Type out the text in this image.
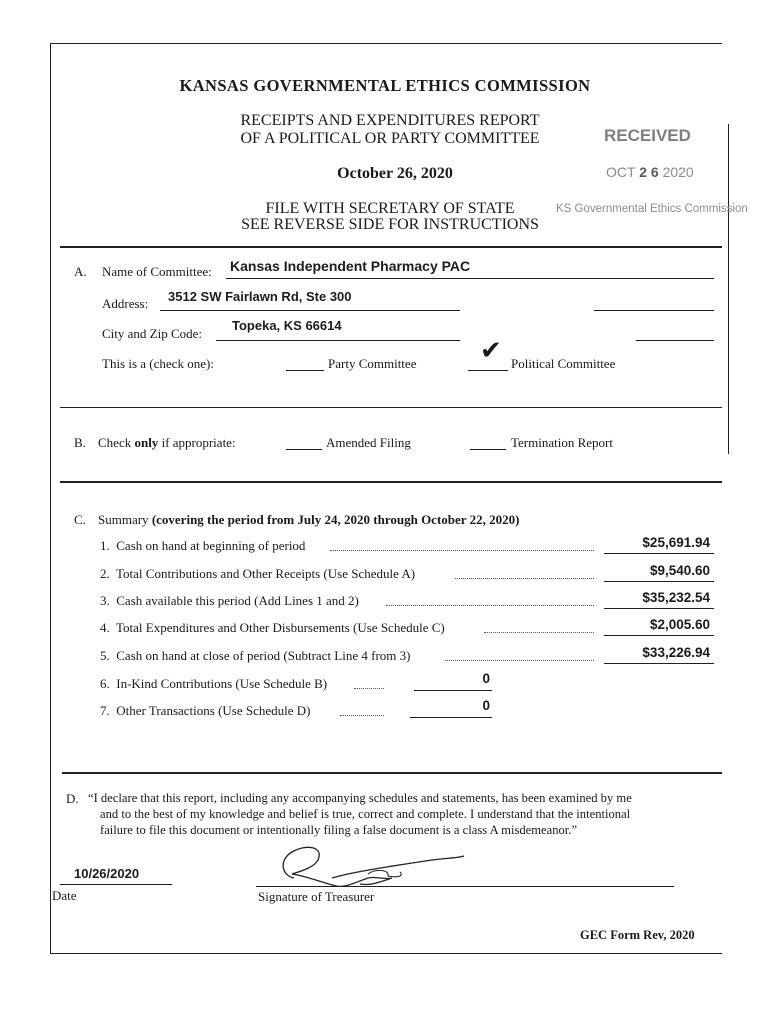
KANSAS GOVERNMENTAL ETHICS COMMISSION
RECEIPTS AND EXPENDITURES REPORT
OF A POLITICAL OR PARTY COMMITTEE
October 26, 2020
FILE WITH SECRETARY OF STATE
SEE REVERSE SIDE FOR INSTRUCTIONS
RECEIVED
OCT 2 6 2020
KS Governmental Ethics Commission
A. Name of Committee: Kansas Independent Pharmacy PAC
Address: 3512 SW Fairlawn Rd, Ste 300
City and Zip Code:
Topeka, KS 66614
This is a (check one):	Party Committee ✔ Political Committee
B. Check only if appropriate:	Amended Filing	Termination Report
C. Summary (covering the period from July 24, 2020 through October 22, 2020)
1.  Cash on hand at beginning of period	$25,691.94
2.  Total Contributions and Other Receipts (Use Schedule A)	$9,540.60
3.  Cash available this period (Add Lines 1 and 2)	$35,232.54
4.  Total Expenditures and Other Disbursements (Use Schedule C)	$2,005.60
5.  Cash on hand at close of period (Subtract Line 4 from 3)	$33,226.94
6.  In-Kind Contributions (Use Schedule B)	0
7.  Other Transactions (Use Schedule D)	0
D. “I declare that this report, including any accompanying schedules and statements, has been examined by me
and to the best of my knowledge and belief is true, correct and complete. I understand that the intentional
failure to file this document or intentionally filing a false document is a class A misdemeanor.”
10/26/2020
Date	Signature of Treasurer
GEC Form Rev, 2020
